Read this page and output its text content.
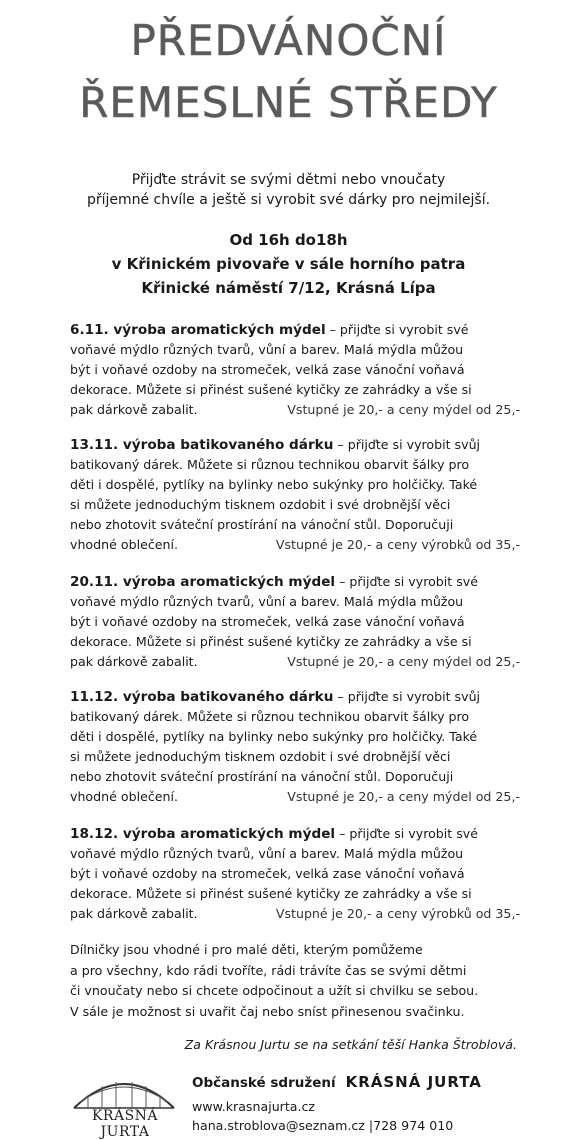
PŘEDVÁNOČNÍ
ŘEMESLNÉ STŘEDY
Přijďte strávit se svými dětmi nebo vnoučaty
příjemné chvíle a ještě si vyrobit své dárky pro nejmilejší.
Od 16h do18h
v Křinickém pivovaře v sále horního patra
Křinické náměstí 7/12, Krásná Lípa
6.11. výroba aromatických mýdel – přijďte si vyrobit své
voňavé mýdlo různých tvarů, vůní a barev. Malá mýdla můžou
být i voňavé ozdoby na stromeček, velká zase vánoční voňavá
dekorace. Můžete si přinést sušené kytičky ze zahrádky a vše si
pak dárkově zabalit.	Vstupné je 20,- a ceny mýdel od 25,-
13.11. výroba batikovaného dárku – přijďte si vyrobit svůj
batikovaný dárek. Můžete si různou technikou obarvit šálky pro
děti i dospělé, pytlíky na bylinky nebo sukýnky pro holčičky. Také
si můžete jednoduchým tisknem ozdobit i své drobnější věci
nebo zhotovit sváteční prostírání na vánoční stůl. Doporučuji
vhodné oblečení.	Vstupné je 20,- a ceny výrobků od 35,-
20.11. výroba aromatických mýdel – přijďte si vyrobit své
voňavé mýdlo různých tvarů, vůní a barev. Malá mýdla můžou
být i voňavé ozdoby na stromeček, velká zase vánoční voňavá
dekorace. Můžete si přinést sušené kytičky ze zahrádky a vše si
pak dárkově zabalit.	Vstupné je 20,- a ceny mýdel od 25,-
11.12. výroba batikovaného dárku – přijďte si vyrobit svůj
batikovaný dárek. Můžete si různou technikou obarvit šálky pro
děti i dospělé, pytlíky na bylinky nebo sukýnky pro holčičky. Také
si můžete jednoduchým tisknem ozdobit i své drobnější věci
nebo zhotovit sváteční prostírání na vánoční stůl. Doporučuji
vhodné oblečení.	Vstupné je 20,- a ceny mýdel od 25,-
18.12. výroba aromatických mýdel – přijďte si vyrobit své
voňavé mýdlo různých tvarů, vůní a barev. Malá mýdla můžou
být i voňavé ozdoby na stromeček, velká zase vánoční voňavá
dekorace. Můžete si přinést sušené kytičky ze zahrádky a vše si
pak dárkově zabalit.	Vstupné je 20,- a ceny výrobků od 35,-
Dílničky jsou vhodné i pro malé děti, kterým pomůžeme
a pro všechny, kdo rádi tvoříte, rádi trávíte čas se svými dětmi
či vnoučaty nebo si chcete odpočinout a užít si chvilku se sebou.
V sále je možnost si uvařit čaj nebo sníst přinesenou svačinku.
Za Krásnou Jurtu se na setkání těší Hanka Štroblová.
KRÁSNÁ JURTA
Občanské sdružení KRÁSNÁ JURTA
www.krasnajurta.cz
hana.stroblova@seznam.cz |728 974 010
